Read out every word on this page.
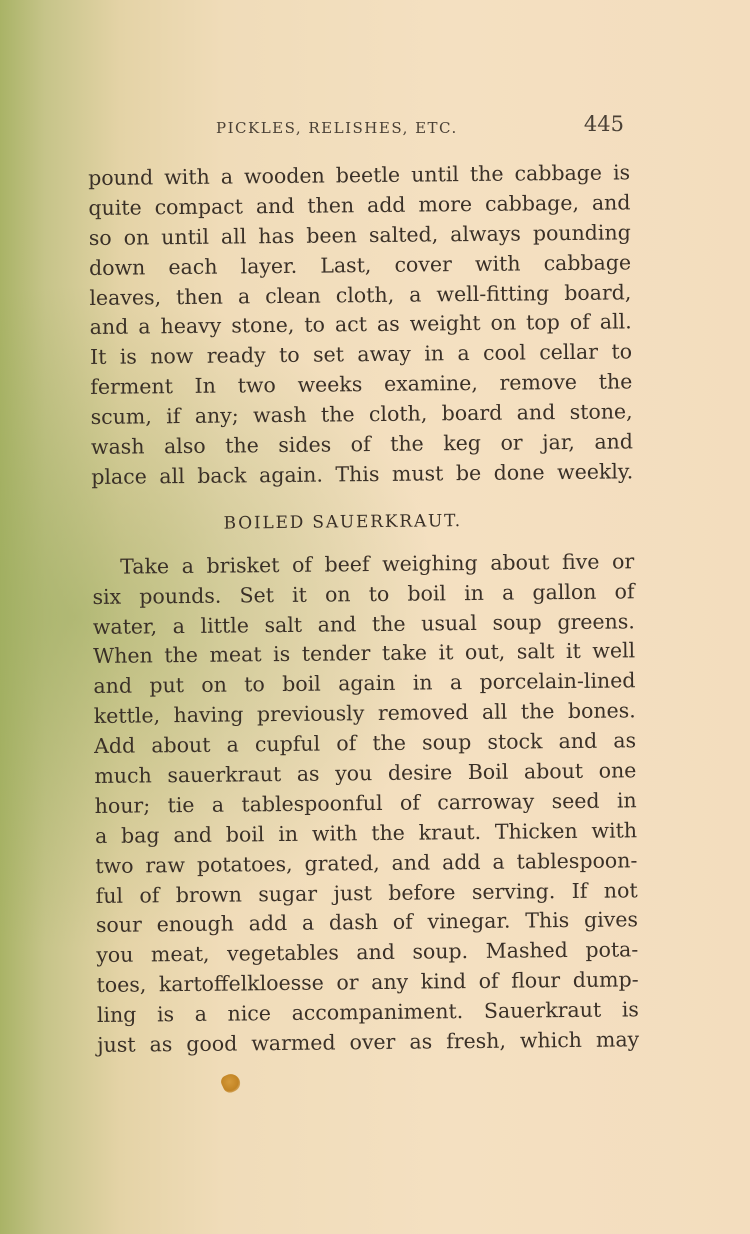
PICKLES, RELISHES, ETC.	445
pound with a wooden beetle until the cabbage is
quite compact and then add more cabbage, and
so on until all has been salted, always pounding
down each layer. Last, cover with cabbage
leaves, then a clean cloth, a well-fitting board,
and a heavy stone, to act as weight on top of all.
It is now ready to set away in a cool cellar to
ferment In two weeks examine, remove the
scum, if any; wash the cloth, board and stone,
wash also the sides of the keg or jar, and
place all back again. This must be done weekly.
BOILED SAUERKRAUT.
Take a brisket of beef weighing about five or
six pounds. Set it on to boil in a gallon of
water, a little salt and the usual soup greens.
When the meat is tender take it out, salt it well
and put on to boil again in a porcelain-lined
kettle, having previously removed all the bones.
Add about a cupful of the soup stock and as
much sauerkraut as you desire Boil about one
hour; tie a tablespoonful of carroway seed in
a bag and boil in with the kraut. Thicken with
two raw potatoes, grated, and add a tablespoon-
ful of brown sugar just before serving. If not
sour enough add a dash of vinegar. This gives
you meat, vegetables and soup. Mashed pota-
toes, kartoffelkloesse or any kind of flour dump-
ling is a nice accompaniment. Sauerkraut is
just as good warmed over as fresh, which may
